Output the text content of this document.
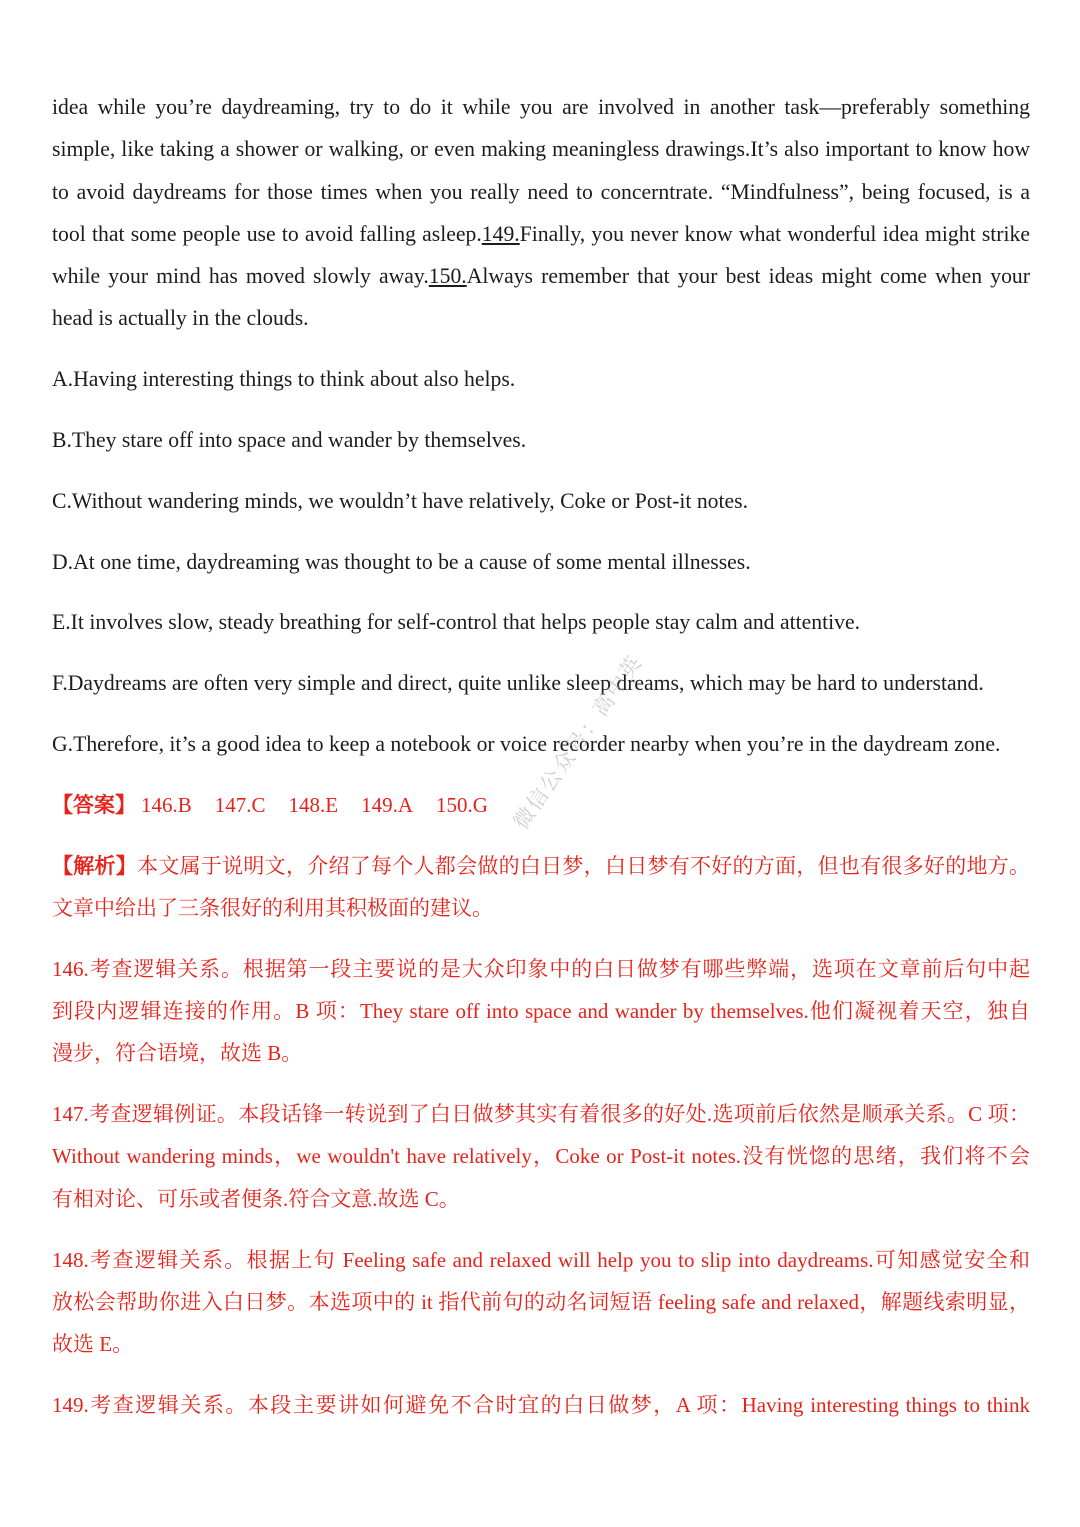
idea while you’re daydreaming, try to do it while you are involved in another task—preferably something
simple, like taking a shower or walking, or even making meaningless drawings.It’s also important to know how
to avoid daydreams for those times when you really need to concerntrate. “Mindfulness”, being focused, is a
tool that some people use to avoid falling asleep.149.Finally, you never know what wonderful idea might strike
while your mind has moved slowly away.150.Always remember that your best ideas might come when your
head is actually in the clouds.
A.Having interesting things to think about also helps.
B.They stare off into space and wander by themselves.
C.Without wandering minds, we wouldn’t have relatively, Coke or Post-it notes.
D.At one time, daydreaming was thought to be a cause of some mental illnesses.
E.It involves slow, steady breathing for self-control that helps people stay calm and attentive.
F.Daydreams are often very simple and direct, quite unlike sleep dreams, which may be hard to understand.
G.Therefore, it’s a good idea to keep a notebook or voice recorder nearby when you’re in the daydream zone.
【答案】 146.B 147.C 148.E 149.A 150.G
【解析】本文属于说明文，介绍了每个人都会做的白日梦，白日梦有不好的方面，但也有很多好的地方。
文章中给出了三条很好的利用其积极面的建议。
146.考查逻辑关系。根据第一段主要说的是大众印象中的白日做梦有哪些弊端，选项在文章前后句中起
到段内逻辑连接的作用。B 项：They stare off into space and wander by themselves.他们凝视着天空，独自
漫步，符合语境，故选 B。
147.考查逻辑例证。本段话锋一转说到了白日做梦其实有着很多的好处.选项前后依然是顺承关系。C 项：
Without wandering minds，we wouldn't have relatively，Coke or Post-it notes.没有恍惚的思绪，我们将不会
有相对论、可乐或者便条.符合文意.故选 C。
148.考查逻辑关系。根据上句 Feeling safe and relaxed will help you to slip into daydreams.可知感觉安全和
放松会帮助你进入白日梦。本选项中的 it 指代前句的动名词短语 feeling safe and relaxed，解题线索明显，
故选 E。
149.考查逻辑关系。本段主要讲如何避免不合时宜的白日做梦，A 项：Having interesting things to think
微信公众号：高中英
